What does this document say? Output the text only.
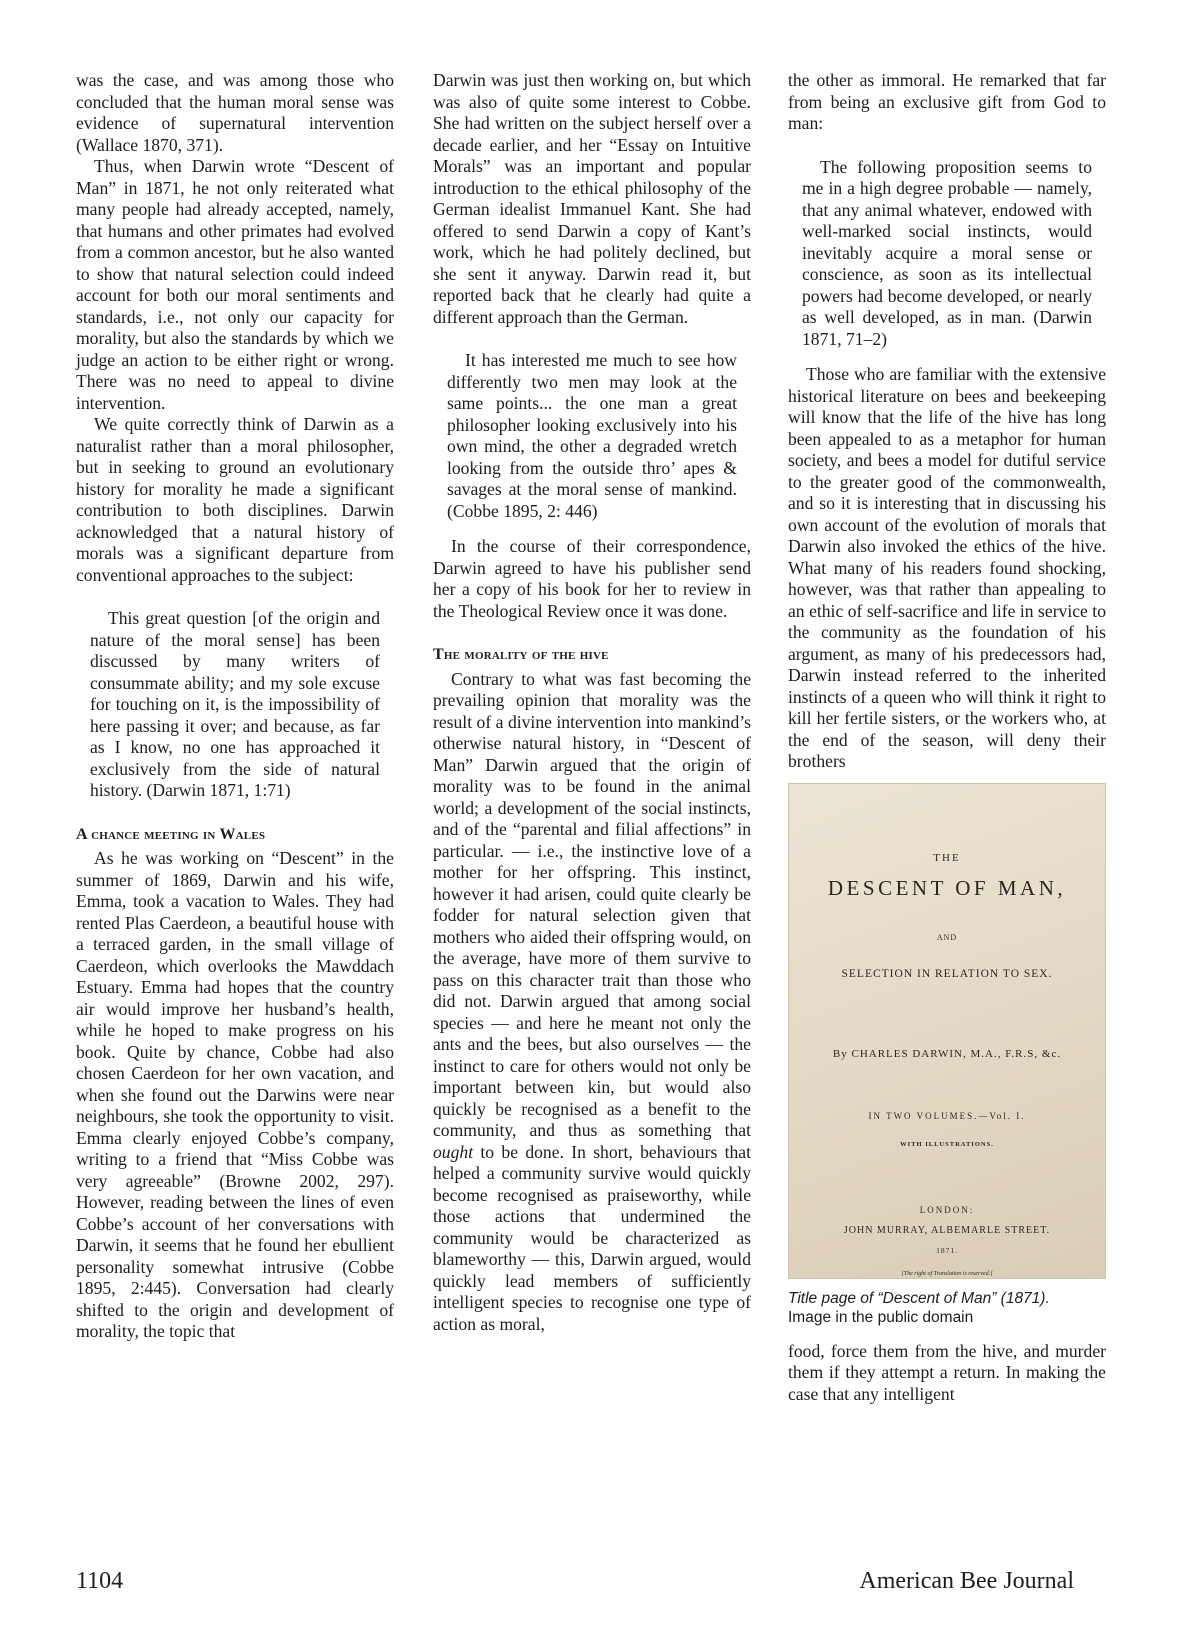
was the case, and was among those who concluded that the human moral sense was evidence of supernatural intervention (Wallace 1870, 371).

Thus, when Darwin wrote “Descent of Man” in 1871, he not only reiterated what many people had already accepted, namely, that humans and other primates had evolved from a common ancestor, but he also wanted to show that natural selection could indeed account for both our moral sentiments and standards, i.e., not only our capacity for morality, but also the standards by which we judge an action to be either right or wrong. There was no need to appeal to divine intervention.

We quite correctly think of Darwin as a naturalist rather than a moral philosopher, but in seeking to ground an evolutionary history for morality he made a significant contribution to both disciplines. Darwin acknowledged that a natural history of morals was a significant departure from conventional approaches to the subject:

This great question [of the origin and nature of the moral sense] has been discussed by many writers of consummate ability; and my sole excuse for touching on it, is the impossibility of here passing it over; and because, as far as I know, no one has approached it exclusively from the side of natural history. (Darwin 1871, 1:71)

A chance meeting in Wales

As he was working on “Descent” in the summer of 1869, Darwin and his wife, Emma, took a vacation to Wales. They had rented Plas Caerdeon, a beautiful house with a terraced garden, in the small village of Caerdeon, which overlooks the Mawddach Estuary. Emma had hopes that the country air would improve her husband’s health, while he hoped to make progress on his book. Quite by chance, Cobbe had also chosen Caerdeon for her own vacation, and when she found out the Darwins were near neighbours, she took the opportunity to visit. Emma clearly enjoyed Cobbe’s company, writing to a friend that “Miss Cobbe was very agreeable” (Browne 2002, 297). However, reading between the lines of even Cobbe’s account of her conversations with Darwin, it seems that he found her ebullient personality somewhat intrusive (Cobbe 1895, 2:445). Conversation had clearly shifted to the origin and development of morality, the topic that

Darwin was just then working on, but which was also of quite some interest to Cobbe. She had written on the subject herself over a decade earlier, and her “Essay on Intuitive Morals” was an important and popular introduction to the ethical philosophy of the German idealist Immanuel Kant. She had offered to send Darwin a copy of Kant’s work, which he had politely declined, but she sent it anyway. Darwin read it, but reported back that he clearly had quite a different approach than the German.

It has interested me much to see how differently two men may look at the same points... the one man a great philosopher looking exclusively into his own mind, the other a degraded wretch looking from the outside thro’ apes & savages at the moral sense of mankind. (Cobbe 1895, 2: 446)

In the course of their correspondence, Darwin agreed to have his publisher send her a copy of his book for her to review in the Theological Review once it was done.

The morality of the hive

Contrary to what was fast becoming the prevailing opinion that morality was the result of a divine intervention into mankind’s otherwise natural history, in “Descent of Man” Darwin argued that the origin of morality was to be found in the animal world; a development of the social instincts, and of the “parental and filial affections” in particular. — i.e., the instinctive love of a mother for her offspring. This instinct, however it had arisen, could quite clearly be fodder for natural selection given that mothers who aided their offspring would, on the average, have more of them survive to pass on this character trait than those who did not. Darwin argued that among social species — and here he meant not only the ants and the bees, but also ourselves — the instinct to care for others would not only be important between kin, but would also quickly be recognised as a benefit to the community, and thus as something that ought to be done. In short, behaviours that helped a community survive would quickly become recognised as praiseworthy, while those actions that undermined the community would be characterized as blameworthy — this, Darwin argued, would quickly lead members of sufficiently intelligent species to recognise one type of action as moral,

the other as immoral. He remarked that far from being an exclusive gift from God to man:

The following proposition seems to me in a high degree probable — namely, that any animal whatever, endowed with well-marked social instincts, would inevitably acquire a moral sense or conscience, as soon as its intellectual powers had become developed, or nearly as well developed, as in man. (Darwin 1871, 71–2)

Those who are familiar with the extensive historical literature on bees and beekeeping will know that the life of the hive has long been appealed to as a metaphor for human society, and bees a model for dutiful service to the greater good of the commonwealth, and so it is interesting that in discussing his own account of the evolution of morals that Darwin also invoked the ethics of the hive. What many of his readers found shocking, however, was that rather than appealing to an ethic of self-sacrifice and life in service to the community as the foundation of his argument, as many of his predecessors had, Darwin instead referred to the inherited instincts of a queen who will think it right to kill her fertile sisters, or the workers who, at the end of the season, will deny their brothers

THE
DESCENT OF MAN,
AND
SELECTION IN RELATION TO SEX.
By CHARLES DARWIN, M.A., F.R.S, &c.
IN TWO VOLUMES.—Vol. I.
WITH ILLUSTRATIONS.
LONDON:
JOHN MURRAY, ALBEMARLE STREET.
1871.
[The right of Translation is reserved.]
Title page of “Descent of Man” (1871).
Image in the public domain

food, force them from the hive, and murder them if they attempt a return. In making the case that any intelligent

1104	American Bee Journal
